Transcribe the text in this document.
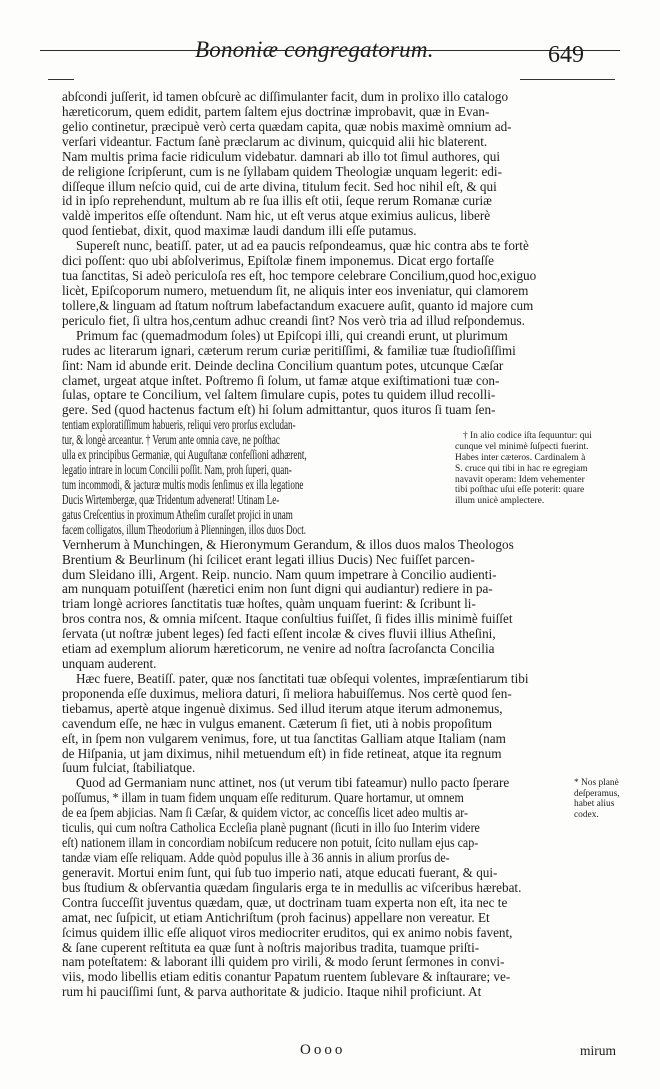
Bononiæ congregatorum.	649
abſcondi juſſerit, id tamen obſcurè ac diſſimulanter facit, dum in prolixo illo catalogo
hæreticorum, quem edidit, partem ſaltem ejus doctrinæ improbavit, quæ in Evan-
gelio continetur, præcipuè verò certa quædam capita, quæ nobis maximè omnium ad-
verſari videantur. Factum ſanè præclarum ac divinum, quicquid alii hic blaterent.
Nam multis prima facie ridiculum videbatur. damnari ab illo tot ſimul authores, qui
de religione ſcripſerunt, cum is ne ſyllabam quidem Theologiæ unquam legerit: edi-
diſſeque illum neſcio quid, cui de arte divina, titulum fecit. Sed hoc nihil eſt, & qui
id in ipſo reprehendunt, multum ab re ſua illis eſt otii, ſeque rerum Romanæ curiæ
valdè imperitos eſſe oſtendunt. Nam hic, ut eſt verus atque eximius aulicus, liberè
quod ſentiebat, dixit, quod maximæ laudi dandum illi eſſe putamus.
Supereſt nunc, beatiſſ. pater, ut ad ea paucis reſpondeamus, quæ hic contra abs te fortè
dici poſſent: quo ubi abſolverimus, Epiſtolæ finem imponemus. Dicat ergo fortaſſe
tua ſanctitas, Si adeò periculoſa res eſt, hoc tempore celebrare Concilium,quod hoc,exiguo
licèt, Epiſcoporum numero, metuendum ſit, ne aliquis inter eos inveniatur, qui clamorem
tollere,& linguam ad ſtatum noſtrum labefactandum exacuere auſit, quanto id majore cum
periculo fiet, ſi ultra hos,centum adhuc creandi ſint? Nos verò tria ad illud reſpondemus.
Primum fac (quemadmodum ſoles) ut Epiſcopi illi, qui creandi erunt, ut plurimum
rudes ac literarum ignari, cæterum rerum curiæ peritiſſimi, & familiæ tuæ ſtudioſiſſimi
ſint: Nam id abunde erit. Deinde declina Concilium quantum potes, utcunque Cæſar
clamet, urgeat atque inſtet. Poſtremo ſi ſolum, ut famæ atque exiſtimationi tuæ con-
ſulas, optare te Concilium, vel ſaltem ſimulare cupis, potes tu quidem illud recolli-
gere. Sed (quod hactenus factum eſt) hi ſolum admittantur, quos ituros ſi tuam ſen-
tentiam exploratiſſimum habueris, reliqui vero prorſus excludan-
tur, & longè arceantur. † Verum ante omnia cave, ne poſthac
ulla ex principibus Germaniæ, qui Auguſtanæ confeſſioni adhærent,
legatio intrare in locum Concilii poſſit. Nam, proh ſuperi, quan-
tum incommodi, & jacturæ multis modis ſenſimus ex illa legatione
Ducis Wirtembergæ, quæ Tridentum advenerat! Utinam Le-
gatus Creſcentius in proximum Atheſim curaſſet projici in unam
facem colligatos, illum Theodorium à Plienningen, illos duos Doct.
Vernherum à Munchingen, & Hieronymum Gerandum, & illos duos malos Theologos
Brentium & Beurlinum (hi ſcilicet erant legati illius Ducis) Nec fuiſſet parcen-
dum Sleidano illi, Argent. Reip. nuncio. Nam quum impetrare à Concilio audienti-
am nunquam potuiſſent (hæretici enim non ſunt digni qui audiantur) rediere in pa-
triam longè acriores ſanctitatis tuæ hoſtes, quàm unquam fuerint: & ſcribunt li-
bros contra nos, & omnia miſcent. Itaque conſultius fuiſſet, ſi fides illis minimè fuiſſet
ſervata (ut noſtræ jubent leges) ſed facti eſſent incolæ & cives fluvii illius Atheſini,
etiam ad exemplum aliorum hæreticorum, ne venire ad noſtra ſacroſancta Concilia
unquam auderent.
Hæc fuere, Beatiſſ. pater, quæ nos ſanctitati tuæ obſequi volentes, impræſentiarum tibi
proponenda eſſe duximus, meliora daturi, ſi meliora habuiſſemus. Nos certè quod ſen-
tiebamus, apertè atque ingenuè diximus. Sed illud iterum atque iterum admonemus,
cavendum eſſe, ne hæc in vulgus emanent. Cæterum ſi fiet, uti à nobis propoſitum
eſt, in ſpem non vulgarem venimus, fore, ut tua ſanctitas Galliam atque Italiam (nam
de Hiſpania, ut jam diximus, nihil metuendum eſt) in fide retineat, atque ita regnum
ſuum fulciat, ſtabiliatque.
Quod ad Germaniam nunc attinet, nos (ut verum tibi fateamur) nullo pacto ſperare
poſſumus, * illam in tuam fidem unquam eſſe rediturum. Quare hortamur, ut omnem
de ea ſpem abjicias. Nam ſi Cæſar, & quidem victor, ac conceſſis licet adeo multis ar-
ticulis, qui cum noſtra Catholica Eccleſia planè pugnant (ſicuti in illo ſuo Interim videre
eſt) nationem illam in concordiam nobiſcum reducere non potuit, ſcito nullam ejus cap-
tandæ viam eſſe reliquam. Adde quòd populus ille à 36 annis in alium prorſus de-
generavit. Mortui enim ſunt, qui ſub tuo imperio nati, atque educati fuerant, & qui-
bus ſtudium & obſervantia quædam ſingularis erga te in medullis ac viſceribus hærebat.
Contra ſucceſſit juventus quædam, quæ, ut doctrinam tuam experta non eſt, ita nec te
amat, nec ſuſpicit, ut etiam Antichriſtum (proh facinus) appellare non vereatur. Et
ſcimus quidem illic eſſe aliquot viros mediocriter eruditos, qui ex animo nobis favent,
& ſane cuperent reſtituta ea quæ ſunt à noſtris majoribus tradita, tuamque priſti-
nam poteſtatem: & laborant illi quidem pro virili, & modo ſerunt ſermones in convi-
viis, modo libellis etiam editis conantur Papatum ruentem ſublevare & inſtaurare; ve-
rum hi pauciſſimi ſunt, & parva authoritate & judicio. Itaque nihil proficiunt. At
† In alio codice iſta ſequuntur: qui
cunque vel minimè ſuſpecti fuerint.
Habes inter cæteros. Cardinalem à
S. cruce qui tibi in hac re egregiam
navavit operam: Idem vehementer
tibi poſthac uſui eſſe poterit: quare
illum unicè amplectere.
* Nos planè
deſperamus,
habet alius
codex.
Oooo	mirum
